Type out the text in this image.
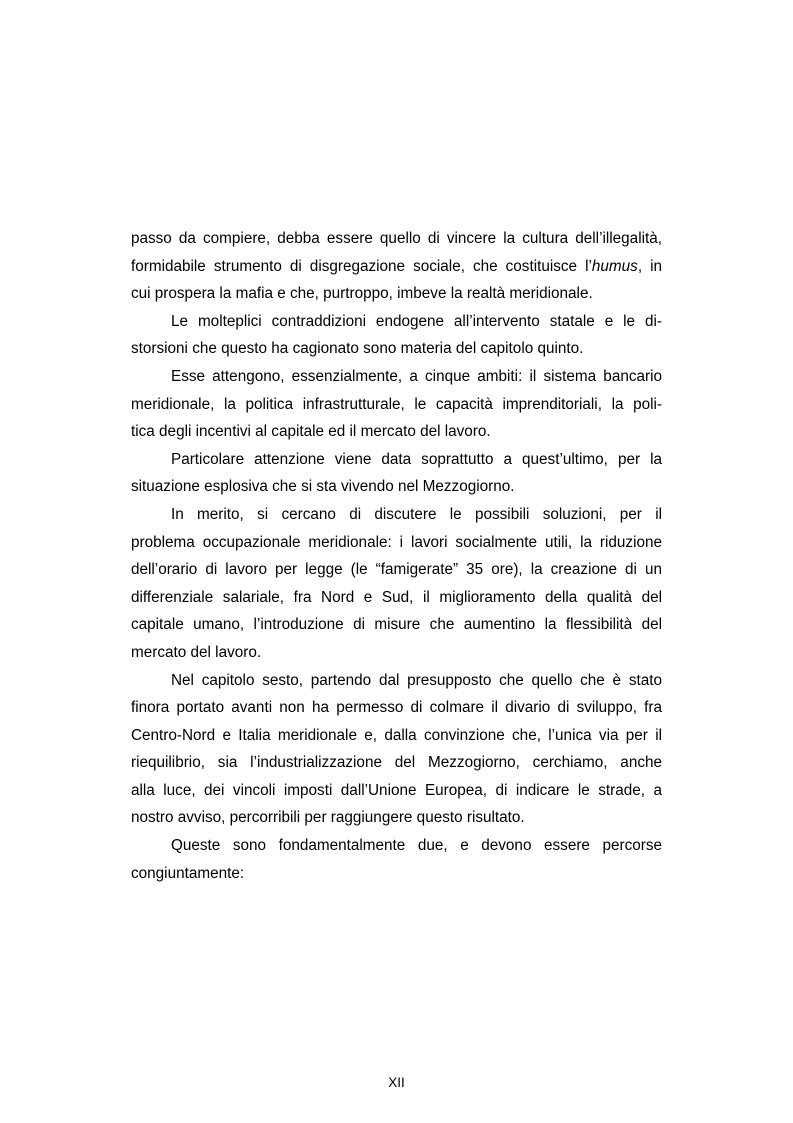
passo da compiere, debba essere quello di vincere la cultura dell’illegalità,
formidabile strumento di disgregazione sociale, che costituisce l’humus, in
cui prospera la mafia e che, purtroppo, imbeve la realtà meridionale.
Le molteplici contraddizioni endogene all’intervento statale e le di-
storsioni che questo ha cagionato sono materia del capitolo quinto.
Esse attengono, essenzialmente, a cinque ambiti: il sistema bancario
meridionale, la politica infrastrutturale, le capacità imprenditoriali, la poli-
tica degli incentivi al capitale ed il mercato del lavoro.
Particolare attenzione viene data soprattutto a quest’ultimo, per la
situazione esplosiva che si sta vivendo nel Mezzogiorno.
In merito, si cercano di discutere le possibili soluzioni, per il
problema occupazionale meridionale: i lavori socialmente utili, la riduzione
dell’orario di lavoro per legge (le “famigerate” 35 ore), la creazione di un
differenziale salariale, fra Nord e Sud, il miglioramento della qualità del
capitale umano, l’introduzione di misure che aumentino la flessibilità del
mercato del lavoro.
Nel capitolo sesto, partendo dal presupposto che quello che è stato
finora portato avanti non ha permesso di colmare il divario di sviluppo, fra
Centro-Nord e Italia meridionale e, dalla convinzione che, l’unica via per il
riequilibrio, sia l’industrializzazione del Mezzogiorno, cerchiamo, anche
alla luce, dei vincoli imposti dall’Unione Europea, di indicare le strade, a
nostro avviso, percorribili per raggiungere questo risultato.
Queste sono fondamentalmente due, e devono essere percorse
congiuntamente:
XII
